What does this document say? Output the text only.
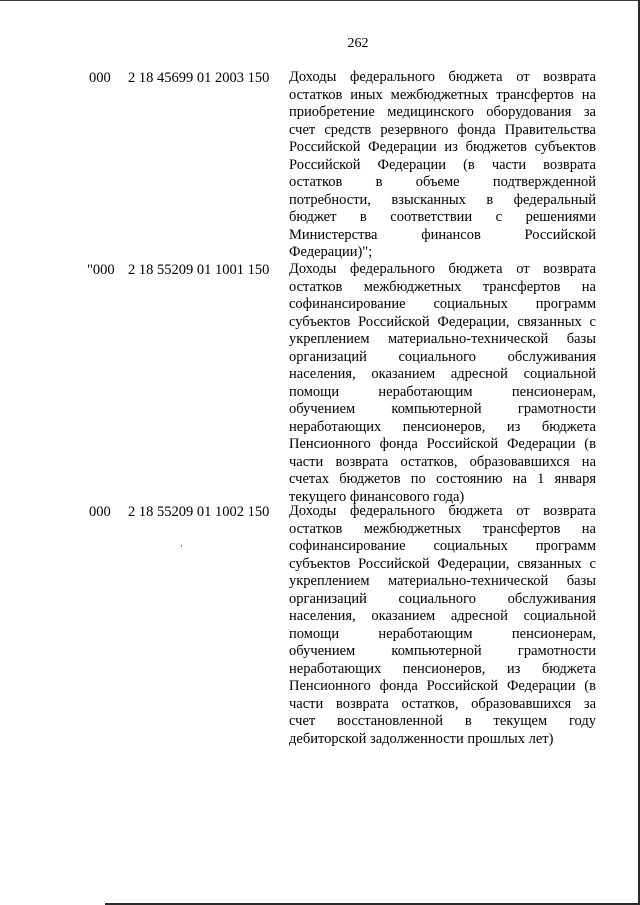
262
000 2 18 45699 01 2003 150 Доходы федерального бюджета от возврата
остатков иных межбюджетных трансфертов на
приобретение медицинского оборудования за
счет средств резервного фонда Правительства
Российской Федерации из бюджетов субъектов
Российской Федерации (в части возврата
остатков в объеме подтвержденной
потребности, взысканных в федеральный
бюджет в соответствии с решениями
Министерства финансов Российской
Федерации)";
"000 2 18 55209 01 1001 150 Доходы федерального бюджета от возврата
остатков межбюджетных трансфертов на
софинансирование социальных программ
субъектов Российской Федерации, связанных с
укреплением материально-технической базы
организаций социального обслуживания
населения, оказанием адресной социальной
помощи неработающим пенсионерам,
обучением компьютерной грамотности
неработающих пенсионеров, из бюджета
Пенсионного фонда Российской Федерации (в
части возврата остатков, образовавшихся на
счетах бюджетов по состоянию на 1 января
текущего финансового года)
000 2 18 55209 01 1002 150 Доходы федерального бюджета от возврата
остатков межбюджетных трансфертов на
софинансирование социальных программ
субъектов Российской Федерации, связанных с
укреплением материально-технической базы
организаций социального обслуживания
населения, оказанием адресной социальной
помощи неработающим пенсионерам,
обучением компьютерной грамотности
неработающих пенсионеров, из бюджета
Пенсионного фонда Российской Федерации (в
части возврата остатков, образовавшихся за
счет восстановленной в текущем году
дебиторской задолженности прошлых лет)
